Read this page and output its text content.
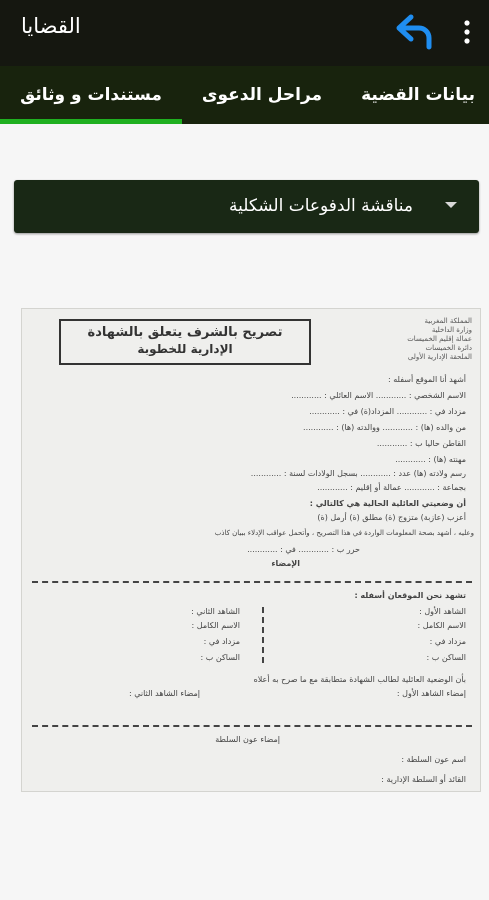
القضايا
مستندات و وثائق	مراحل الدعوى	بيانات القضية
مناقشة الدفوعات الشكلية
المملكة المغربية
وزارة الداخلية
عمالة إقليم الخميسات
دائرة الخميسات
الملحقة الإدارية الأولى
تصريح بالشرف يتعلق بالشهادة
الإدارية للخطوبة
أشهد أنا الموقع أسفله :
الاسم الشخصي : ............ الاسم العائلي : ............
مزداد في : ............ المزداد(ة) في : ............
من والده (ها) : ............ ووالدته (ها) : ............
القاطن حاليا ب : ............
مهنته (ها) : ............
رسم ولادته (ها) عدد : ............ بسجل الولادات لسنة : ............
بجماعة : ............ عمالة أو إقليم : ............
أن وضعيتي العائلية الحالية هي كالتالي :
أعزب (عازبة) متزوج (ة) مطلق (ة) أرمل (ة)
وعليه ، أشهد بصحة المعلومات الواردة في هذا التصريح ، وأتحمل عواقب الإدلاء ببيان كاذب
حرر ب : ............ في : ............
الإمضاء
تشهد نحن الموقعان أسفله :
الشاهد الأول :
الاسم الكامل :
مزداد في :
الساكن ب :
الشاهد الثاني :
الاسم الكامل :
مزداد في :
الساكن ب :
بأن الوضعية العائلية لطالب الشهادة متطابقة مع ما صرح به أعلاه
إمضاء الشاهد الأول :
إمضاء الشاهد الثاني :
إمضاء عون السلطة
اسم عون السلطة :
القائد أو السلطة الإدارية :
